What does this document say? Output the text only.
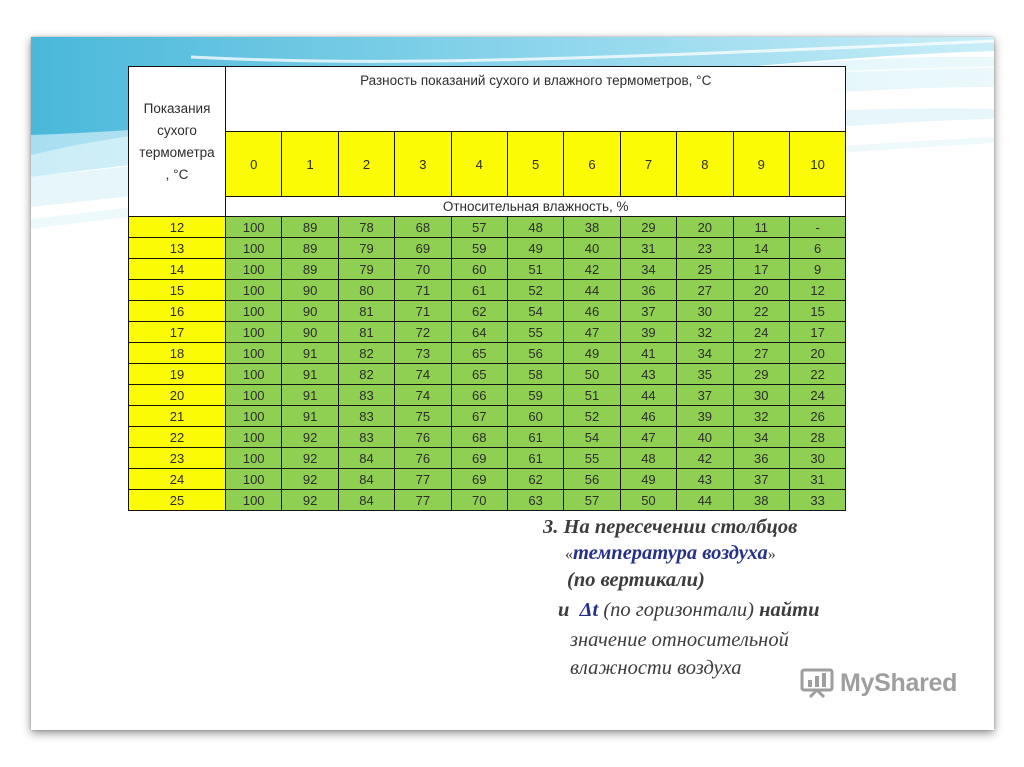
Показания
сухого
термометра
, °С	Разность показаний сухого и влажного термометров, °С										
	0	1	2	3	4	5	6	7	8	9	10
	Относительная влажность, %										
12	100	89	78	68	57	48	38	29	20	11	-
13	100	89	79	69	59	49	40	31	23	14	6
14	100	89	79	70	60	51	42	34	25	17	9
15	100	90	80	71	61	52	44	36	27	20	12
16	100	90	81	71	62	54	46	37	30	22	15
17	100	90	81	72	64	55	47	39	32	24	17
18	100	91	82	73	65	56	49	41	34	27	20
19	100	91	82	74	65	58	50	43	35	29	22
20	100	91	83	74	66	59	51	44	37	30	24
21	100	91	83	75	67	60	52	46	39	32	26
22	100	92	83	76	68	61	54	47	40	34	28
23	100	92	84	76	69	61	55	48	42	36	30
24	100	92	84	77	69	62	56	49	43	37	31
25	100	92	84	77	70	63	57	50	44	38	33
3. На пересечении столбцов
«температура воздуха»
(по вертикали)
и Δt (по горизонтали) найти
значение относительной
влажности воздуха
MyShared
